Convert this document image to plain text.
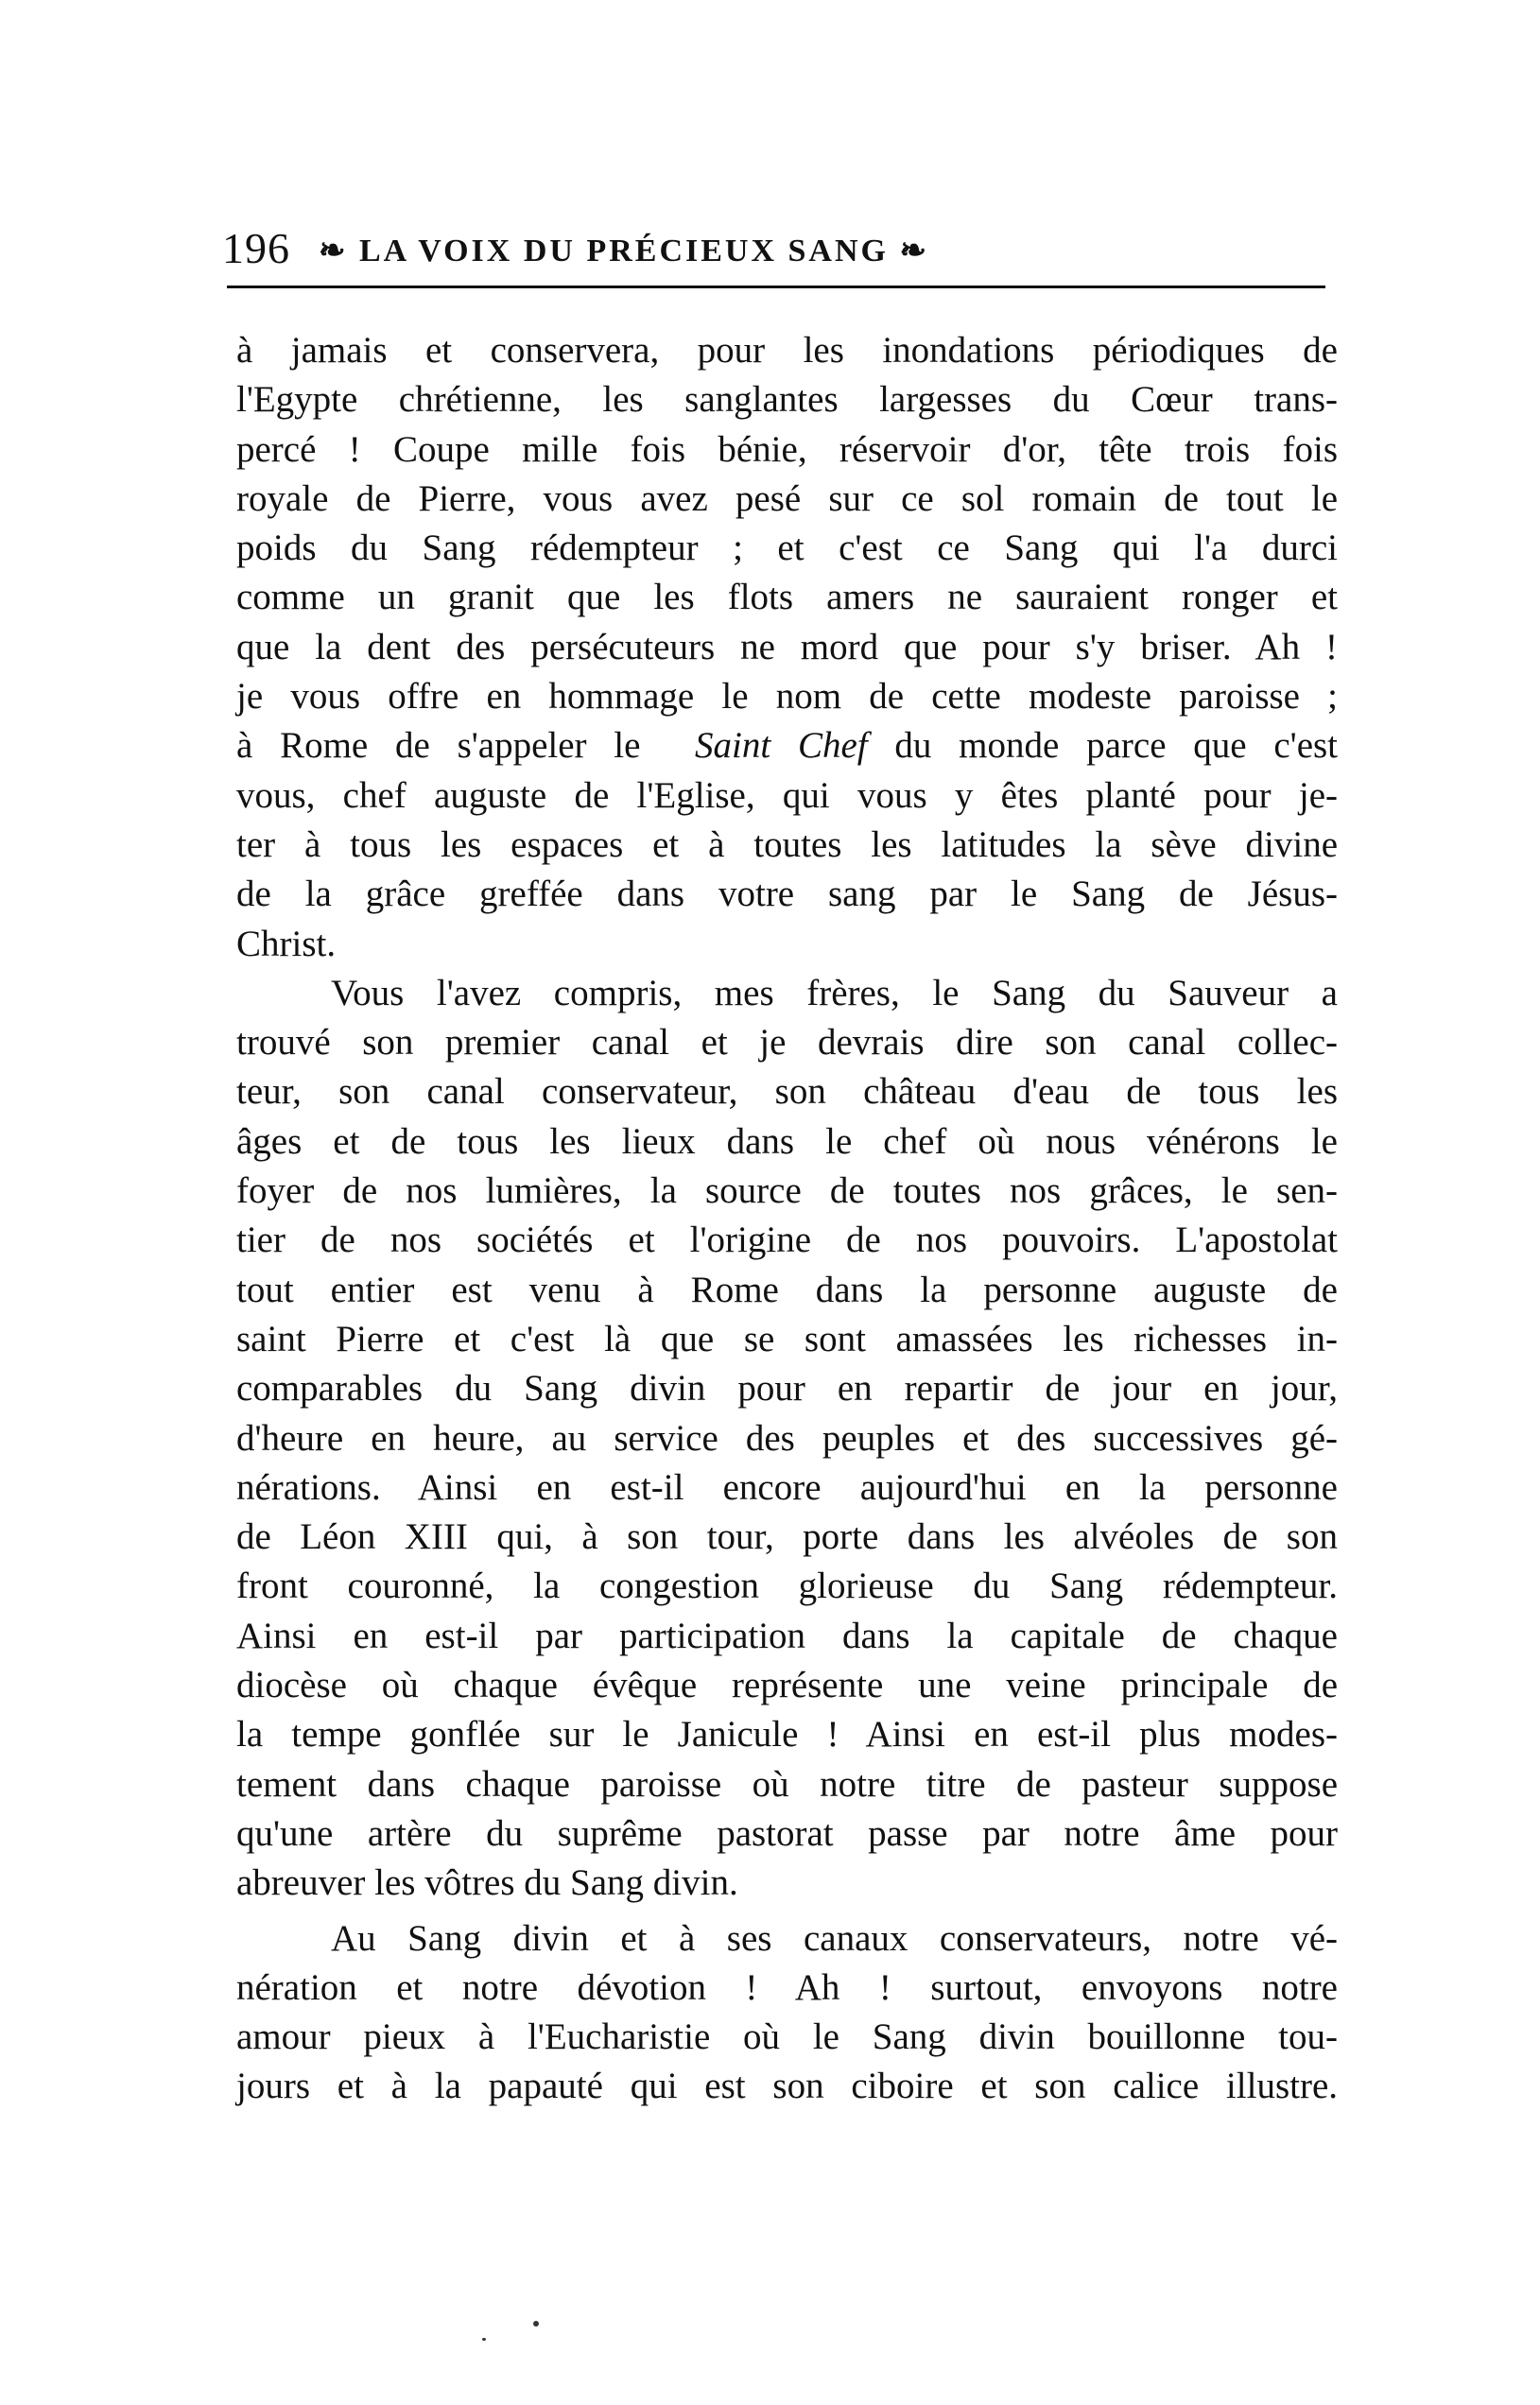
196 ❧ LA VOIX DU PRÉCIEUX SANG ❧
à jamais et conservera, pour les inondations périodiques de
l'Egypte chrétienne, les sanglantes largesses du Cœur trans-
percé ! Coupe mille fois bénie, réservoir d'or, tête trois fois
royale de Pierre, vous avez pesé sur ce sol romain de tout le
poids du Sang rédempteur ; et c'est ce Sang qui l'a durci
comme un granit que les flots amers ne sauraient ronger et
que la dent des persécuteurs ne mord que pour s'y briser. Ah !
je vous offre en hommage le nom de cette modeste paroisse ;
à Rome de s'appeler le Saint Chef du monde parce que c'est
vous, chef auguste de l'Eglise, qui vous y êtes planté pour je-
ter à tous les espaces et à toutes les latitudes la sève divine
de la grâce greffée dans votre sang par le Sang de Jésus-
Christ.
Vous l'avez compris, mes frères, le Sang du Sauveur a
trouvé son premier canal et je devrais dire son canal collec-
teur, son canal conservateur, son château d'eau de tous les
âges et de tous les lieux dans le chef où nous vénérons le
foyer de nos lumières, la source de toutes nos grâces, le sen-
tier de nos sociétés et l'origine de nos pouvoirs. L'apostolat
tout entier est venu à Rome dans la personne auguste de
saint Pierre et c'est là que se sont amassées les richesses in-
comparables du Sang divin pour en repartir de jour en jour,
d'heure en heure, au service des peuples et des successives gé-
nérations. Ainsi en est-il encore aujourd'hui en la personne
de Léon XIII qui, à son tour, porte dans les alvéoles de son
front couronné, la congestion glorieuse du Sang rédempteur.
Ainsi en est-il par participation dans la capitale de chaque
diocèse où chaque évêque représente une veine principale de
la tempe gonflée sur le Janicule ! Ainsi en est-il plus modes-
tement dans chaque paroisse où notre titre de pasteur suppose
qu'une artère du suprême pastorat passe par notre âme pour
abreuver les vôtres du Sang divin.
Au Sang divin et à ses canaux conservateurs, notre vé-
nération et notre dévotion ! Ah ! surtout, envoyons notre
amour pieux à l'Eucharistie où le Sang divin bouillonne tou-
jours et à la papauté qui est son ciboire et son calice illustre.
